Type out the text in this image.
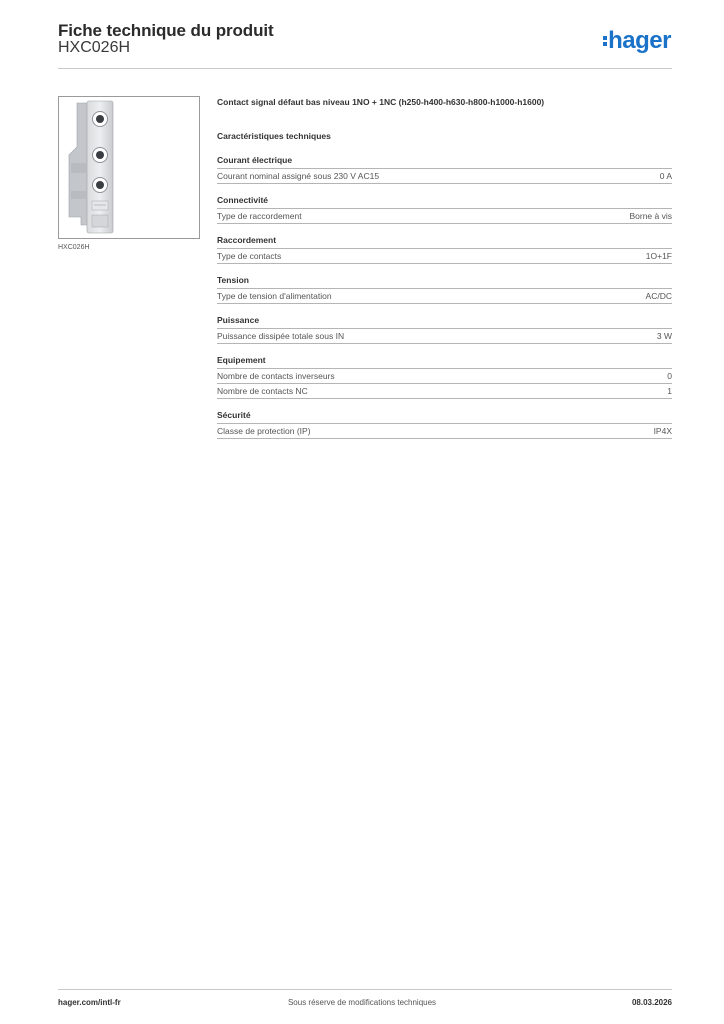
Fiche technique du produit
HXC026H	hager
HXC026H
Contact signal défaut bas niveau 1NO + 1NC (h250-h400-h630-h800-h1000-h1600)
Caractéristiques techniques
Courant électrique
Courant nominal assigné sous 230 V AC15	0 A
Connectivité
Type de raccordement	Borne à vis
Raccordement
Type de contacts	1O+1F
Tension
Type de tension d'alimentation	AC/DC
Puissance
Puissance dissipée totale sous IN	3 W
Equipement
Nombre de contacts inverseurs	0
Nombre de contacts NC	1
Sécurité
Classe de protection (IP)	IP4X
hager.com/intl-fr	Sous réserve de modifications techniques	08.03.2026
